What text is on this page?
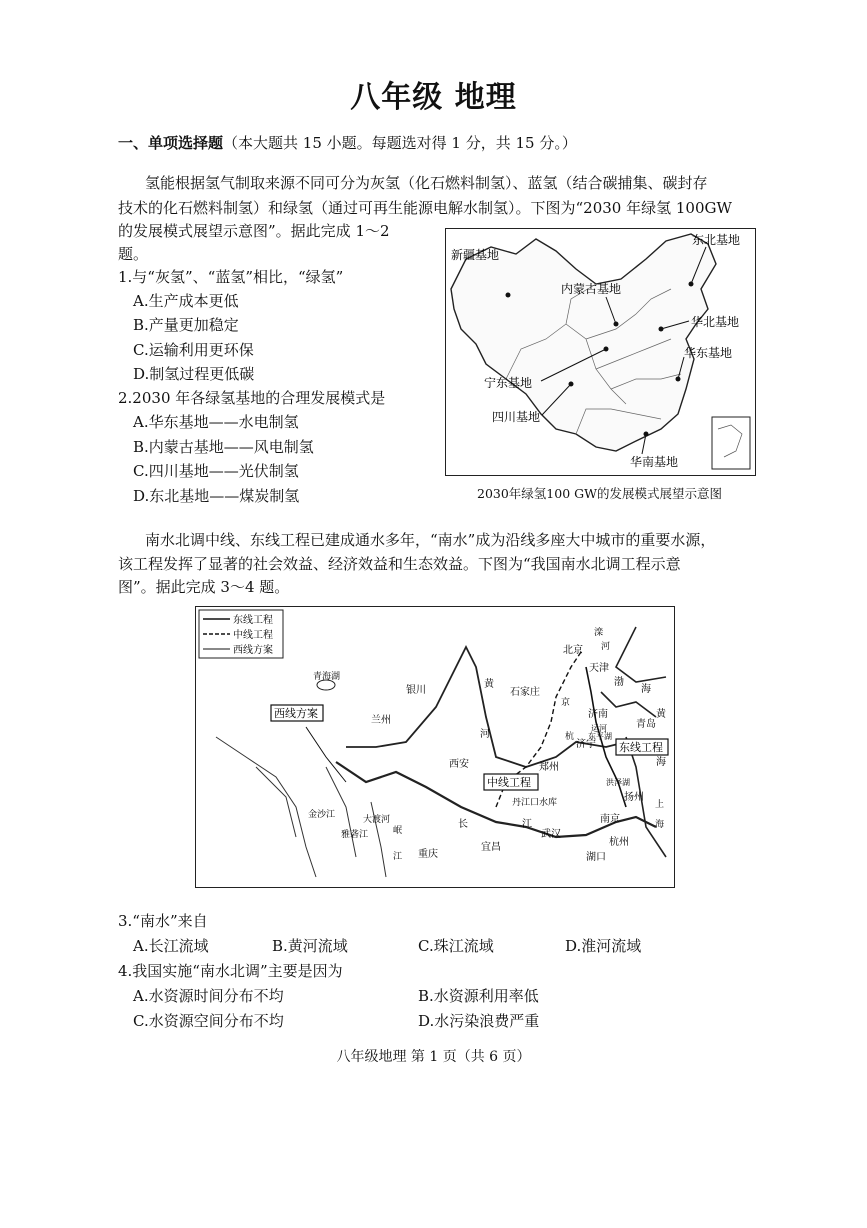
八年级 地理
一、单项选择题（本大题共 15 小题。每题选对得 1 分，共 15 分。）
氢能根据氢气制取来源不同可分为灰氢（化石燃料制氢）、蓝氢（结合碳捕集、碳封存
技术的化石燃料制氢）和绿氢（通过可再生能源电解水制氢）。下图为“2030 年绿氢 100GW
的发展模式展望示意图”。据此完成 1～2
题。
1.与“灰氢”、“蓝氢”相比，“绿氢”
A.生产成本更低
B.产量更加稳定
C.运输利用更环保
D.制氢过程更低碳
2.2030 年各绿氢基地的合理发展模式是
A.华东基地——水电制氢
B.内蒙古基地——风电制氢
C.四川基地——光伏制氢
D.东北基地——煤炭制氢
东北基地
新疆基地
内蒙古基地
华北基地
华东基地
宁东基地
四川基地
华南基地
2030年绿氢100 GW的发展模式展望示意图
南水北调中线、东线工程已建成通水多年，“南水”成为沿线多座大中城市的重要水源，
该工程发挥了显著的社会效益、经济效益和生态效益。下图为“我国南水北调工程示意
图”。据此完成 3～4 题。
东线工程
中线工程
西线方案
西线方案
中线工程
东线工程
青海湖
银川
兰州
西安	郑州
石家庄
北京
天津
济南
济宁
青岛
扬州
南京
杭州
武汉
宜昌
重庆	湖口
丹江口水库
黄
河
渤
海
黄
海
长	江
金沙江
雅砻江
大渡河
岷
江
京
杭
运河
滦
河
东 平 湖
上
海
洪泽湖
3.“南水”来自
A.长江流域	B.黄河流域	C.珠江流域	D.淮河流域
4.我国实施“南水北调”主要是因为
A.水资源时间分布不均	B.水资源利用率低
C.水资源空间分布不均	D.水污染浪费严重
八年级地理 第 1 页（共 6 页）
